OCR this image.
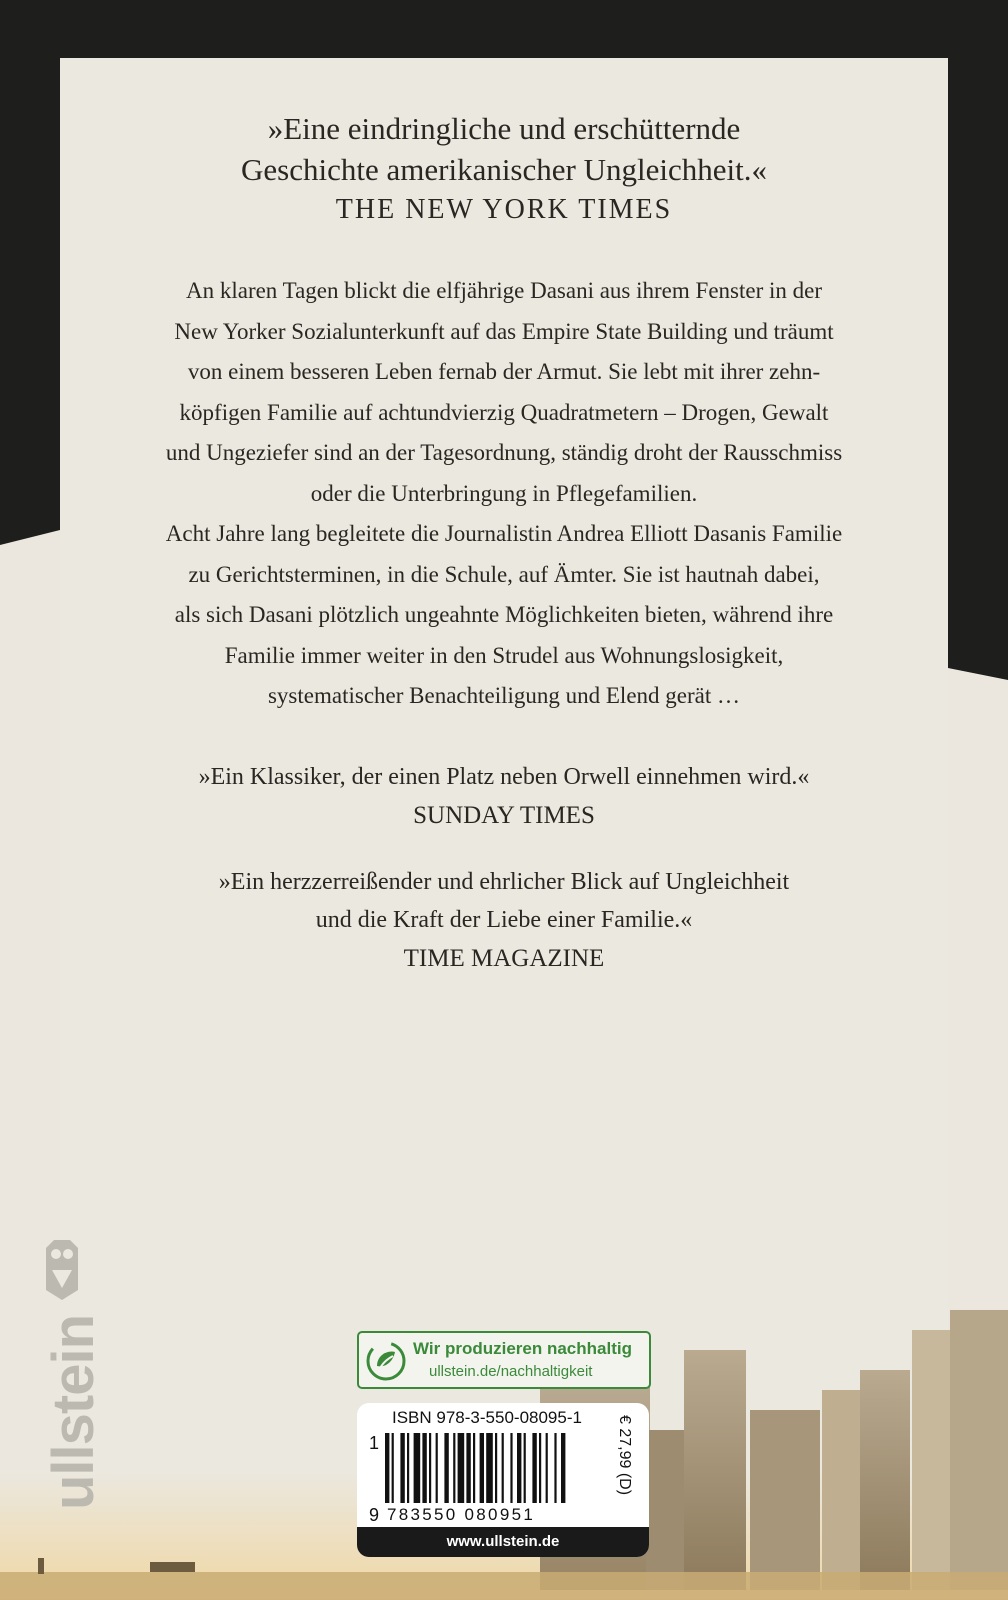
»Eine eindringliche und erschütternde
Geschichte amerikanischer Ungleichheit.«
THE NEW YORK TIMES
An klaren Tagen blickt die elfjährige Dasani aus ihrem Fenster in der
New Yorker Sozialunterkunft auf das Empire State Building und träumt
von einem besseren Leben fernab der Armut. Sie lebt mit ihrer zehn-
köpfigen Familie auf achtundvierzig Quadratmetern – Drogen, Gewalt
und Ungeziefer sind an der Tagesordnung, ständig droht der Rausschmiss
oder die Unterbringung in Pflegefamilien.
Acht Jahre lang begleitete die Journalistin Andrea Elliott Dasanis Familie
zu Gerichtsterminen, in die Schule, auf Ämter. Sie ist hautnah dabei,
als sich Dasani plötzlich ungeahnte Möglichkeiten bieten, während ihre
Familie immer weiter in den Strudel aus Wohnungslosigkeit,
systematischer Benachteiligung und Elend gerät …
»Ein Klassiker, der einen Platz neben Orwell einnehmen wird.«
SUNDAY TIMES
»Ein herzzerreißender und ehrlicher Blick auf Ungleichheit
und die Kraft der Liebe einer Familie.«
TIME MAGAZINE
ullstein	Wir produzieren nachhaltig
ullstein.de/nachhaltigkeit
ISBN 978-3-550-08095-1
1
9 783550 080951
€ 27,99 (D)
www.ullstein.de
